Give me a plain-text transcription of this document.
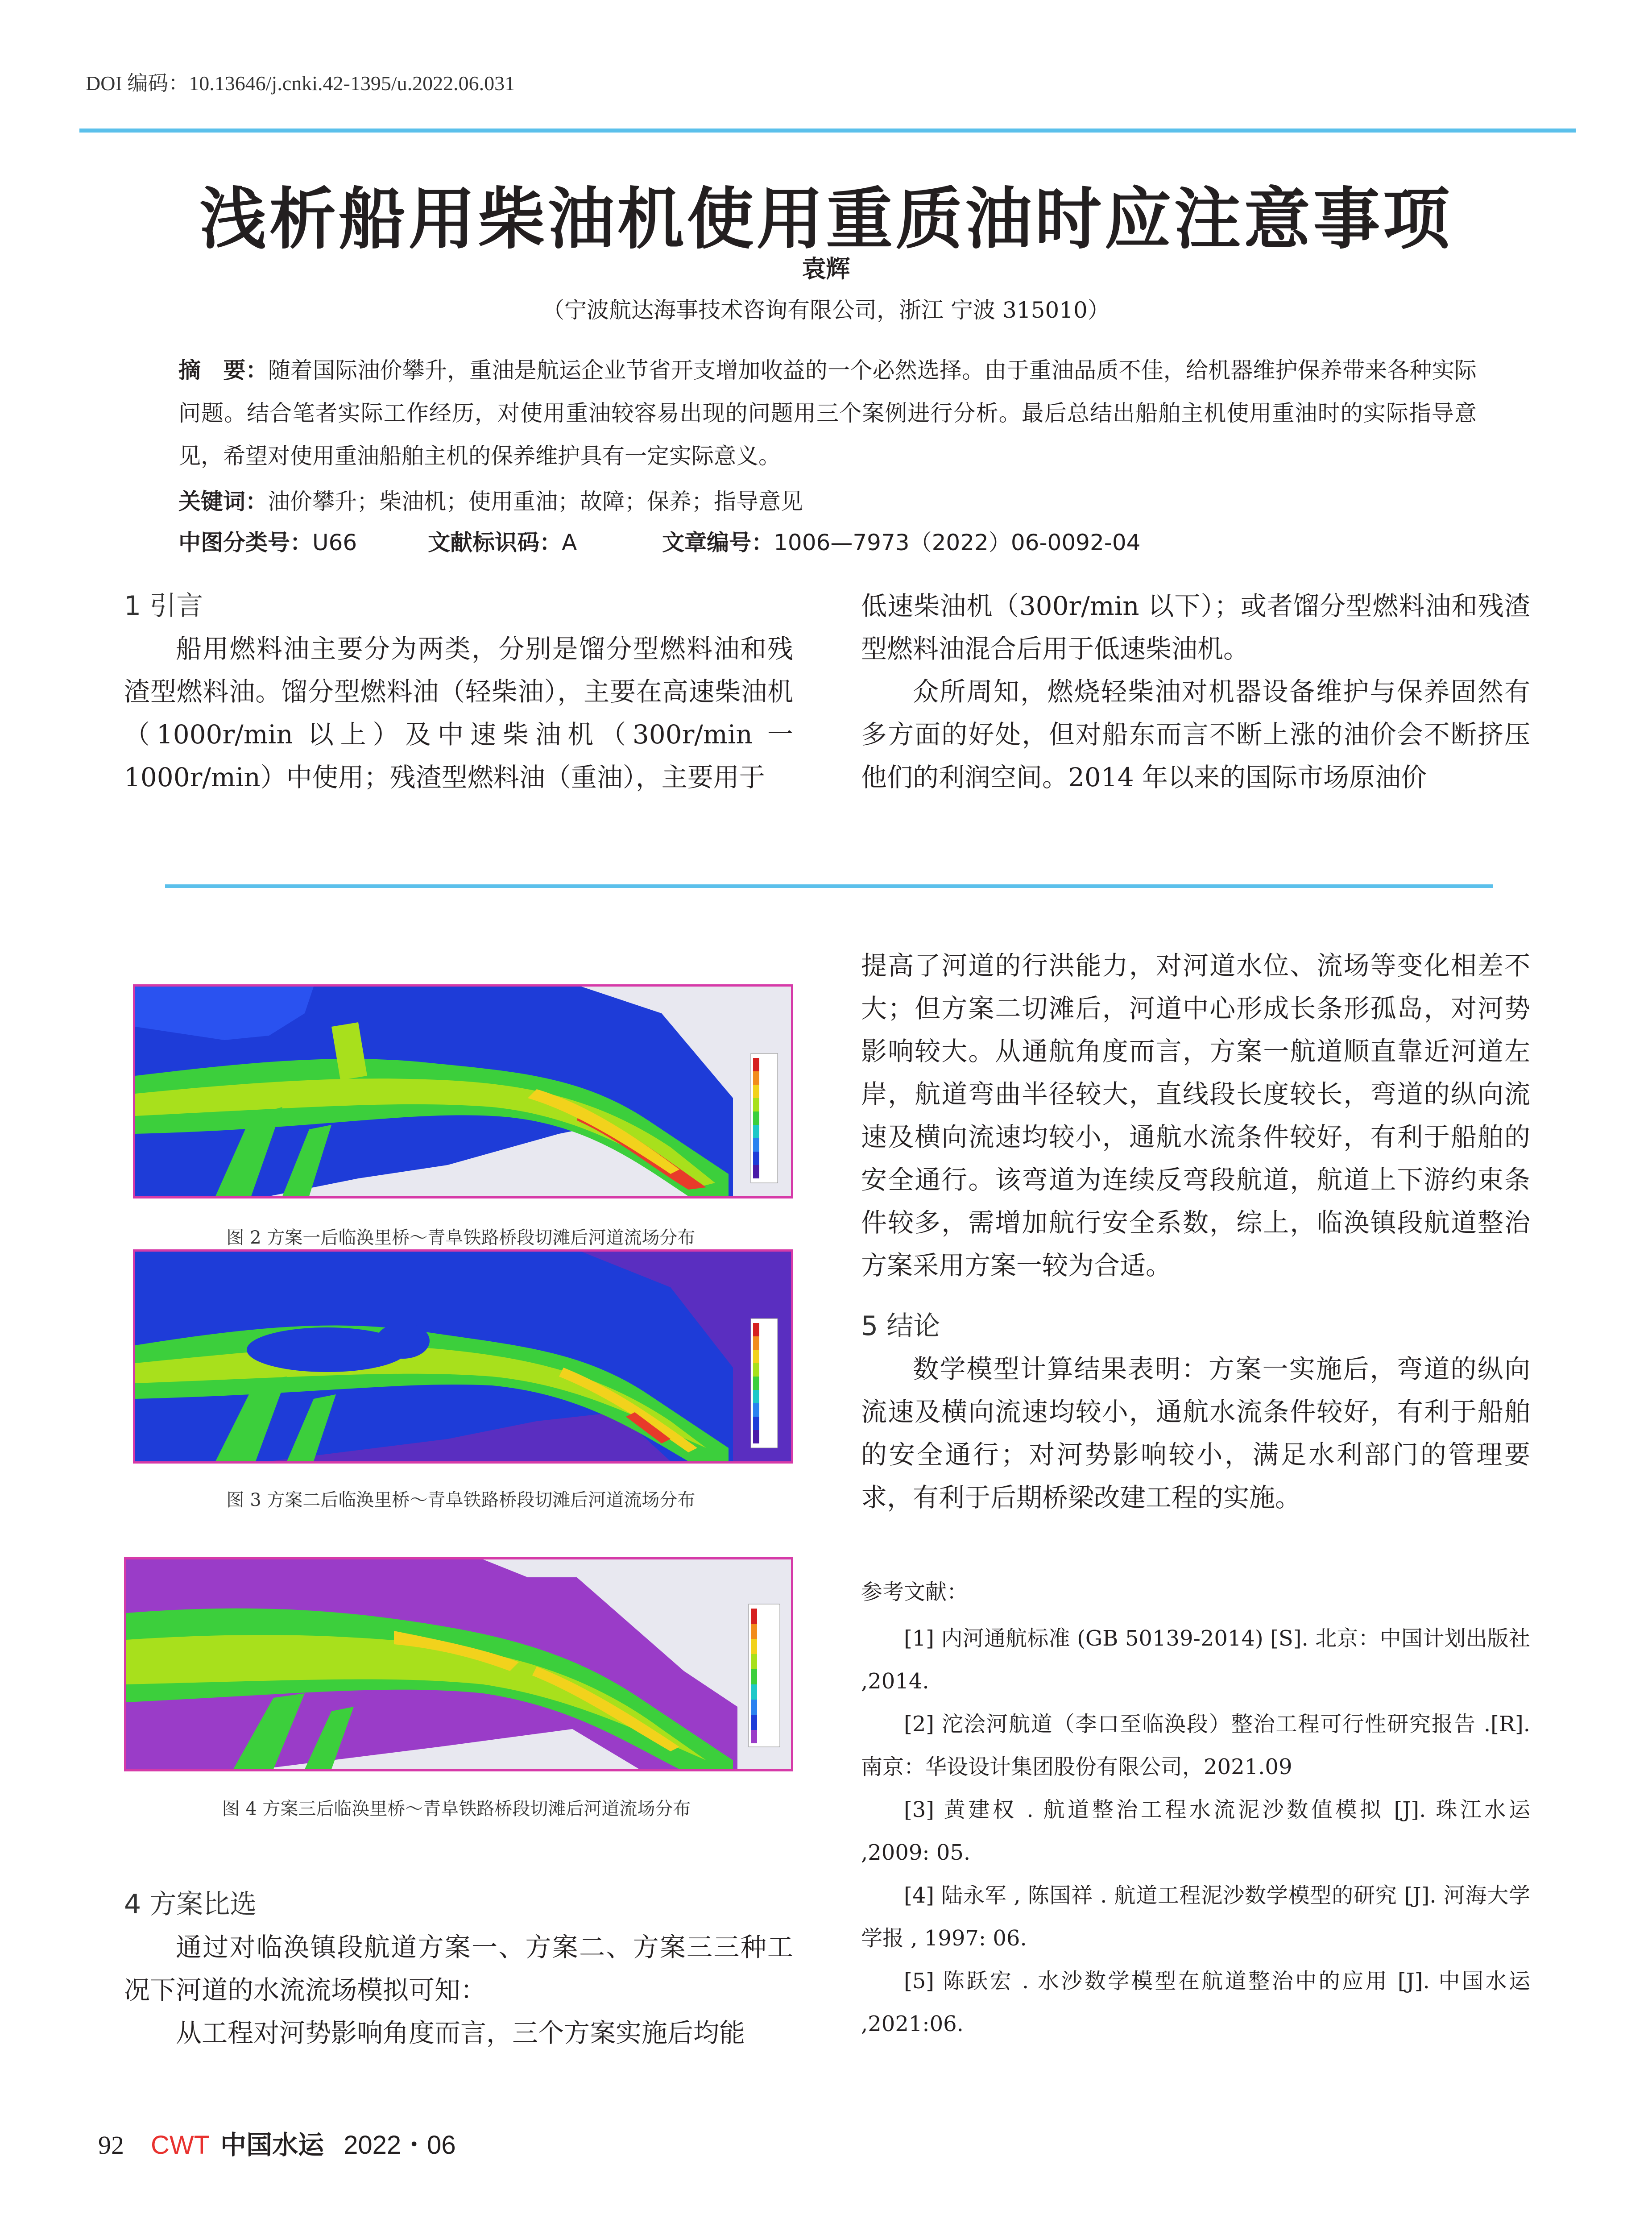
DOI 编码：10.13646/j.cnki.42-1395/u.2022.06.031
浅析船用柴油机使用重质油时应注意事项
袁辉
（宁波航达海事技术咨询有限公司，浙江 宁波 315010）
摘　要：随着国际油价攀升，重油是航运企业节省开支增加收益的一个必然选择。由于重油品质不佳，给机器维护保养带来各种实际问题。结合笔者实际工作经历，对使用重油较容易出现的问题用三个案例进行分析。最后总结出船舶主机使用重油时的实际指导意见，希望对使用重油船舶主机的保养维护具有一定实际意义。
关键词：油价攀升；柴油机；使用重油；故障；保养；指导意见
中图分类号：U66	文献标识码：A	文章编号：1006—7973（2022）06-0092-04

1 引言

船用燃料油主要分为两类，分别是馏分型燃料油和残渣型燃料油。馏分型燃料油（轻柴油），主要在高速柴油机（1000r/min 以上）及中速柴油机（300r/min 一 1000r/min）中使用；残渣型燃料油（重油），主要用于

低速柴油机（300r/min 以下）；或者馏分型燃料油和残渣型燃料油混合后用于低速柴油机。

众所周知，燃烧轻柴油对机器设备维护与保养固然有多方面的好处，但对船东而言不断上涨的油价会不断挤压他们的利润空间。2014 年以来的国际市场原油价

图 2 方案一后临涣里桥～青阜铁路桥段切滩后河道流场分布
图 3 方案二后临涣里桥～青阜铁路桥段切滩后河道流场分布
图 4 方案三后临涣里桥～青阜铁路桥段切滩后河道流场分布

4 方案比选

通过对临涣镇段航道方案一、方案二、方案三三种工况下河道的水流流场模拟可知：

从工程对河势影响角度而言，三个方案实施后均能

提高了河道的行洪能力，对河道水位、流场等变化相差不大；但方案二切滩后，河道中心形成长条形孤岛，对河势影响较大。从通航角度而言，方案一航道顺直靠近河道左岸，航道弯曲半径较大，直线段长度较长，弯道的纵向流速及横向流速均较小，通航水流条件较好，有利于船舶的安全通行。该弯道为连续反弯段航道，航道上下游约束条件较多，需增加航行安全系数，综上，临涣镇段航道整治方案采用方案一较为合适。

5 结论

数学模型计算结果表明：方案一实施后，弯道的纵向流速及横向流速均较小，通航水流条件较好，有利于船舶的安全通行；对河势影响较小，满足水利部门的管理要求，有利于后期桥梁改建工程的实施。

参考文献：

[1] 内河通航标准 (GB 50139-2014) [S]. 北京：中国计划出版社 ,2014.

[2] 沱浍河航道（李口至临涣段）整治工程可行性研究报告 .[R]. 南京：华设设计集团股份有限公司，2021.09

[3] 黄建权 . 航道整治工程水流泥沙数值模拟 [J]. 珠江水运 ,2009: 05.

[4] 陆永军 , 陈国祥 . 航道工程泥沙数学模型的研究 [J]. 河海大学学报 , 1997: 06.

[5] 陈跃宏 . 水沙数学模型在航道整治中的应用 [J]. 中国水运 ,2021:06.

92 CWT 中国水运 2022・06
